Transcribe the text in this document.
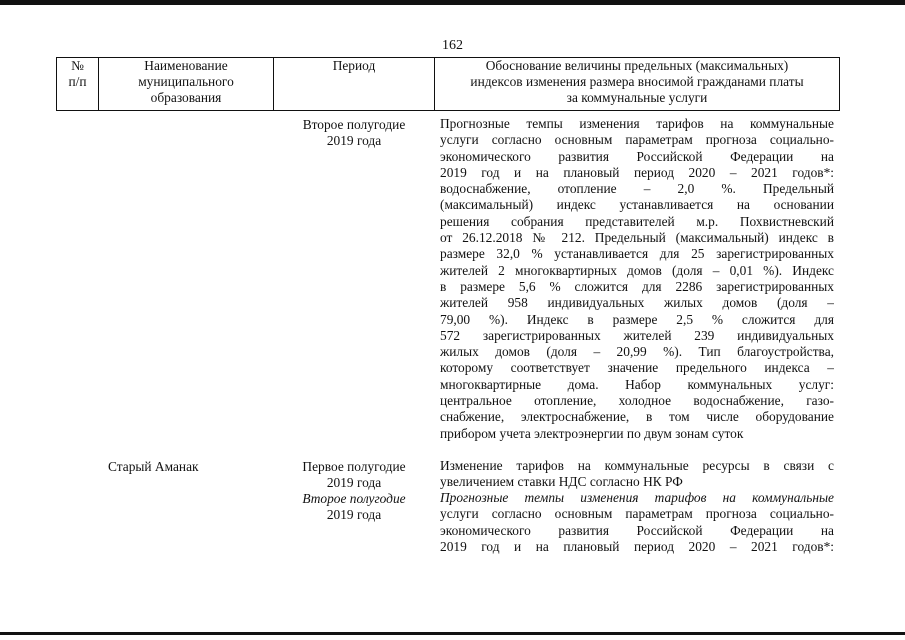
162
№
п/п
Наименование
муниципального
образования
Период	Обоснование величины предельных (максимальных)
индексов изменения размера вносимой гражданами платы
за коммунальные услуги
Второе полугодие
2019 года
Прогнозные темпы изменения тарифов на коммунальные
услуги согласно основным параметрам прогноза социально-
экономического развития Российской Федерации на
2019 год и на плановый период 2020 – 2021 годов*:
водоснабжение, отопление – 2,0 %. Предельный
(максимальный) индекс устанавливается на основании
решения собрания представителей м.р. Похвистневский
от 26.12.2018 № 212. Предельный (максимальный) индекс в
размере 32,0 % устанавливается для 25 зарегистрированных
жителей 2 многоквартирных домов (доля – 0,01 %). Индекс
в размере 5,6 % сложится для 2286 зарегистрированных
жителей 958 индивидуальных жилых домов (доля –
79,00 %). Индекс в размере 2,5 % сложится для
572 зарегистрированных жителей 239 индивидуальных
жилых домов (доля – 20,99 %). Тип благоустройства,
которому соответствует значение предельного индекса –
многоквартирные дома. Набор коммунальных услуг:
центральное отопление, холодное водоснабжение, газо-
снабжение, электроснабжение, в том числе оборудование
прибором учета электроэнергии по двум зонам суток
Старый Аманак	Первое полугодие
2019 года
Второе полугодие
2019 года
Изменение тарифов на коммунальные ресурсы в связи с
увеличением ставки НДС согласно НК РФ
Прогнозные темпы изменения тарифов на коммунальные
услуги согласно основным параметрам прогноза социально-
экономического развития Российской Федерации на
2019 год и на плановый период 2020 – 2021 годов*:
